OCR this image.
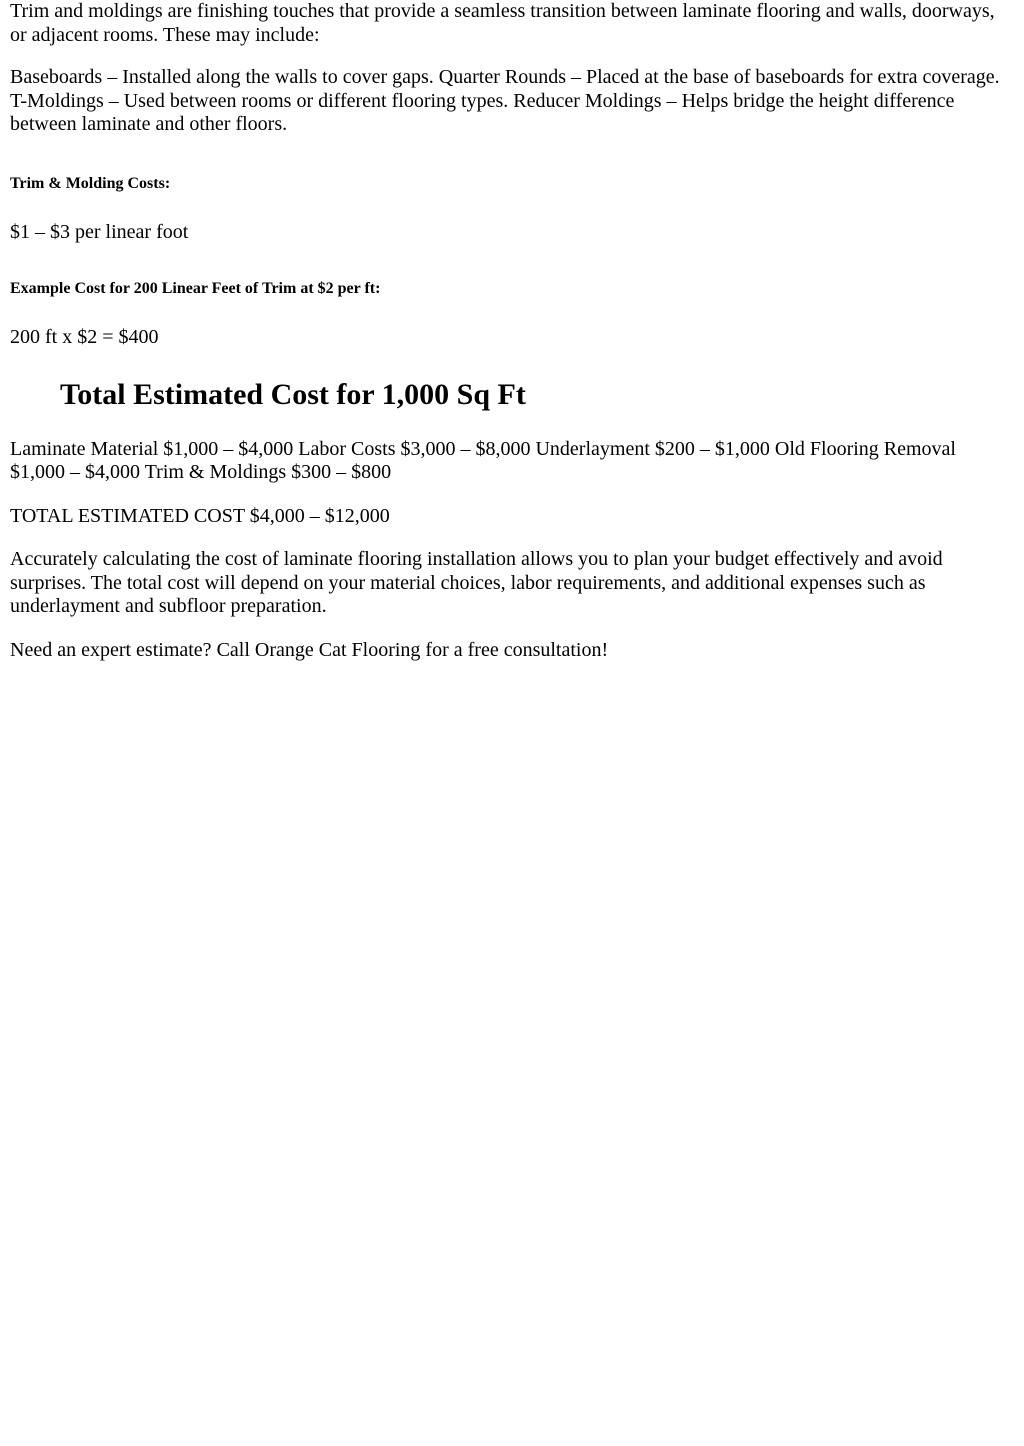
Trim and moldings are finishing touches that provide a seamless transition between laminate flooring and walls, doorways, or adjacent rooms. These may include:

Baseboards – Installed along the walls to cover gaps. Quarter Rounds – Placed at the base of baseboards for extra coverage. T-Moldings – Used between rooms or different flooring types. Reducer Moldings – Helps bridge the height difference between laminate and other floors.

Trim & Molding Costs:

$1 – $3 per linear foot

Example Cost for 200 Linear Feet of Trim at $2 per ft:

200 ft x $2 = $400

Total Estimated Cost for 1,000 Sq Ft

Laminate Material $1,000 – $4,000 Labor Costs $3,000 – $8,000 Underlayment $200 – $1,000 Old Flooring Removal $1,000 – $4,000 Trim & Moldings $300 – $800

TOTAL ESTIMATED COST $4,000 – $12,000

Accurately calculating the cost of laminate flooring installation allows you to plan your budget effectively and avoid surprises. The total cost will depend on your material choices, labor requirements, and additional expenses such as underlayment and subfloor preparation.

Need an expert estimate? Call Orange Cat Flooring for a free consultation!
